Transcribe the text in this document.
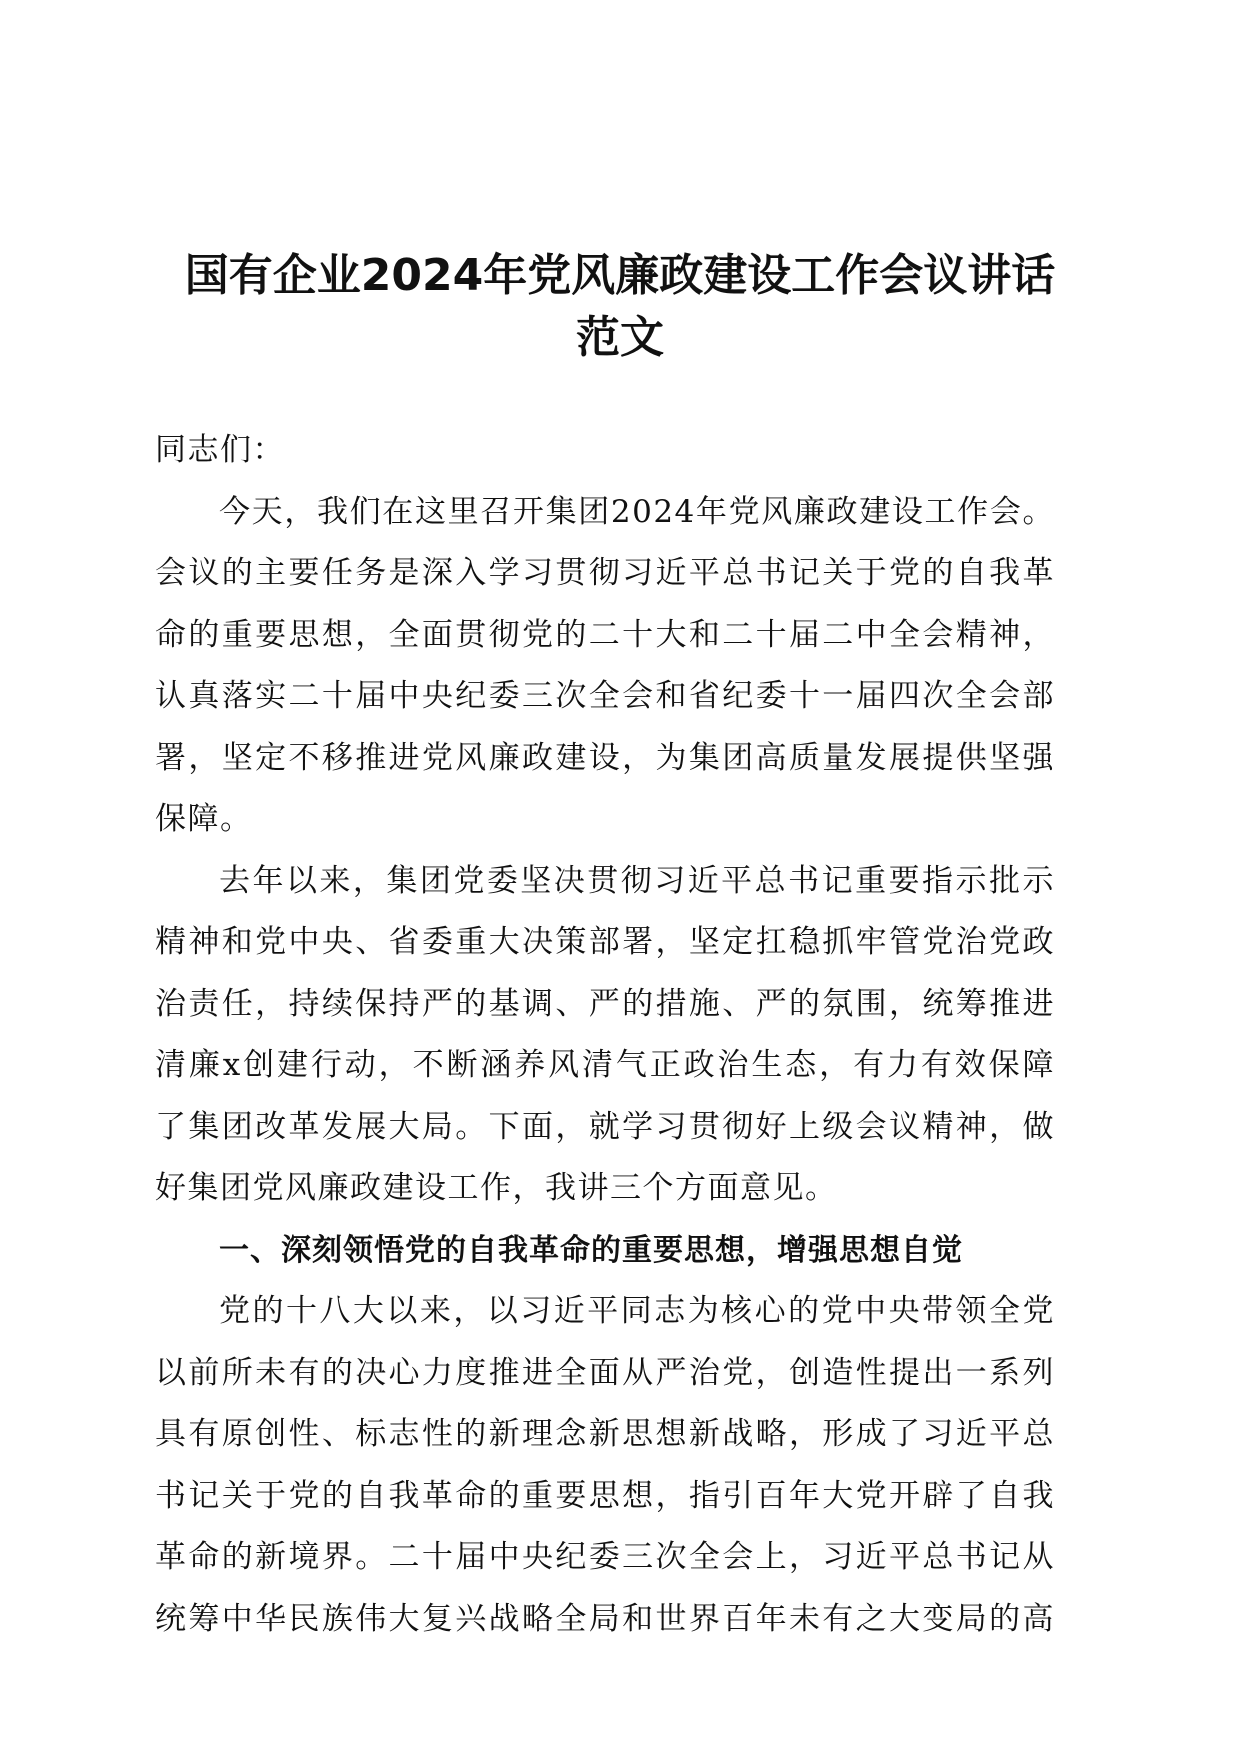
国有企业2024年党风廉政建设工作会议讲话
范文
同志们：
今天，我们在这里召开集团2024年党风廉政建设工作会。
会议的主要任务是深入学习贯彻习近平总书记关于党的自我革
命的重要思想，全面贯彻党的二十大和二十届二中全会精神，
认真落实二十届中央纪委三次全会和省纪委十一届四次全会部
署，坚定不移推进党风廉政建设，为集团高质量发展提供坚强
保障。
去年以来，集团党委坚决贯彻习近平总书记重要指示批示
精神和党中央、省委重大决策部署，坚定扛稳抓牢管党治党政
治责任，持续保持严的基调、严的措施、严的氛围，统筹推进
清廉x创建行动，不断涵养风清气正政治生态，有力有效保障
了集团改革发展大局。下面，就学习贯彻好上级会议精神，做
好集团党风廉政建设工作，我讲三个方面意见。
一、深刻领悟党的自我革命的重要思想，增强思想自觉
党的十八大以来，以习近平同志为核心的党中央带领全党
以前所未有的决心力度推进全面从严治党，创造性提出一系列
具有原创性、标志性的新理念新思想新战略，形成了习近平总
书记关于党的自我革命的重要思想，指引百年大党开辟了自我
革命的新境界。二十届中央纪委三次全会上，习近平总书记从
统筹中华民族伟大复兴战略全局和世界百年未有之大变局的高
